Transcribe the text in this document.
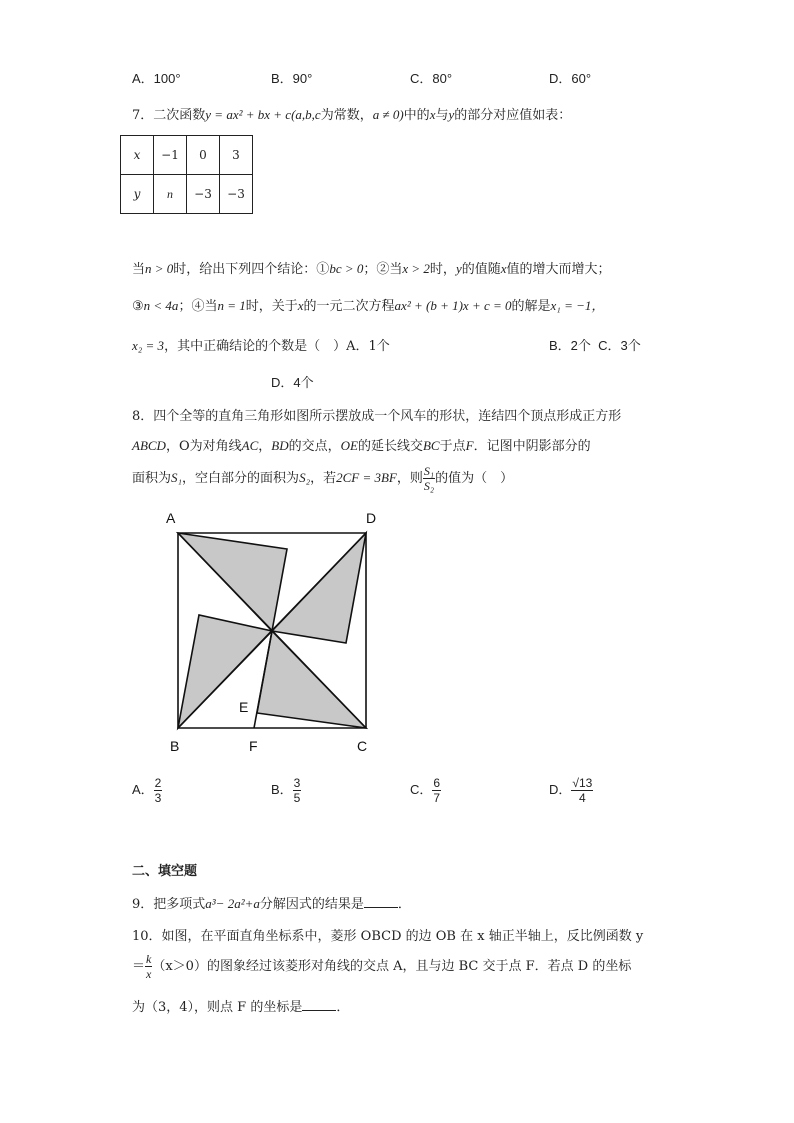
A．100°	B．90°	C．80°	D．60°
7．二次函数y = ax² + bx + c(a,b,c为常数，a ≠ 0)中的x与y的部分对应值如表：
x	−1	0	3
y	n	−3	−3
当n > 0时，给出下列四个结论：①bc > 0；②当x > 2时，y的值随x值的增大而增大；
③n < 4a；④当n = 1时，关于x的一元二次方程ax² + (b + 1)x + c = 0的解是x₁ = −1，
x₂ = 3，其中正确结论的个数是（　）A．1个	B．2个 C．3个
D．4个
8．四个全等的直角三角形如图所示摆放成一个风车的形状，连结四个顶点形成正方形
ABCD，O为对角线AC，BD的交点，OE的延长线交BC于点F．记图中阴影部分的
面积为S₁，空白部分的面积为S₂，若2CF = 3BF，则 $\frac{\text{S₁}}{\text{S₂}}$ 的值为（　）
A	D
B	C
E
F
A． $\frac{2}{3}$	B． $\frac{3}{5}$	C． $\frac{6}{7}$	D． $\frac{√13}{4}$
二、填空题
9．把多项式a³− 2a²+a分解因式的结果是	．
10．如图，在平面直角坐标系中，菱形 OBCD 的边 OB 在 x 轴正半轴上，反比例函数 y
＝ $\frac{k}{x} (x>0)$的图象经过该菱形对角线的交点 A，且与边 BC 交于点 F．若点 D 的坐标
为（3，4），则点 F 的坐标是	．
